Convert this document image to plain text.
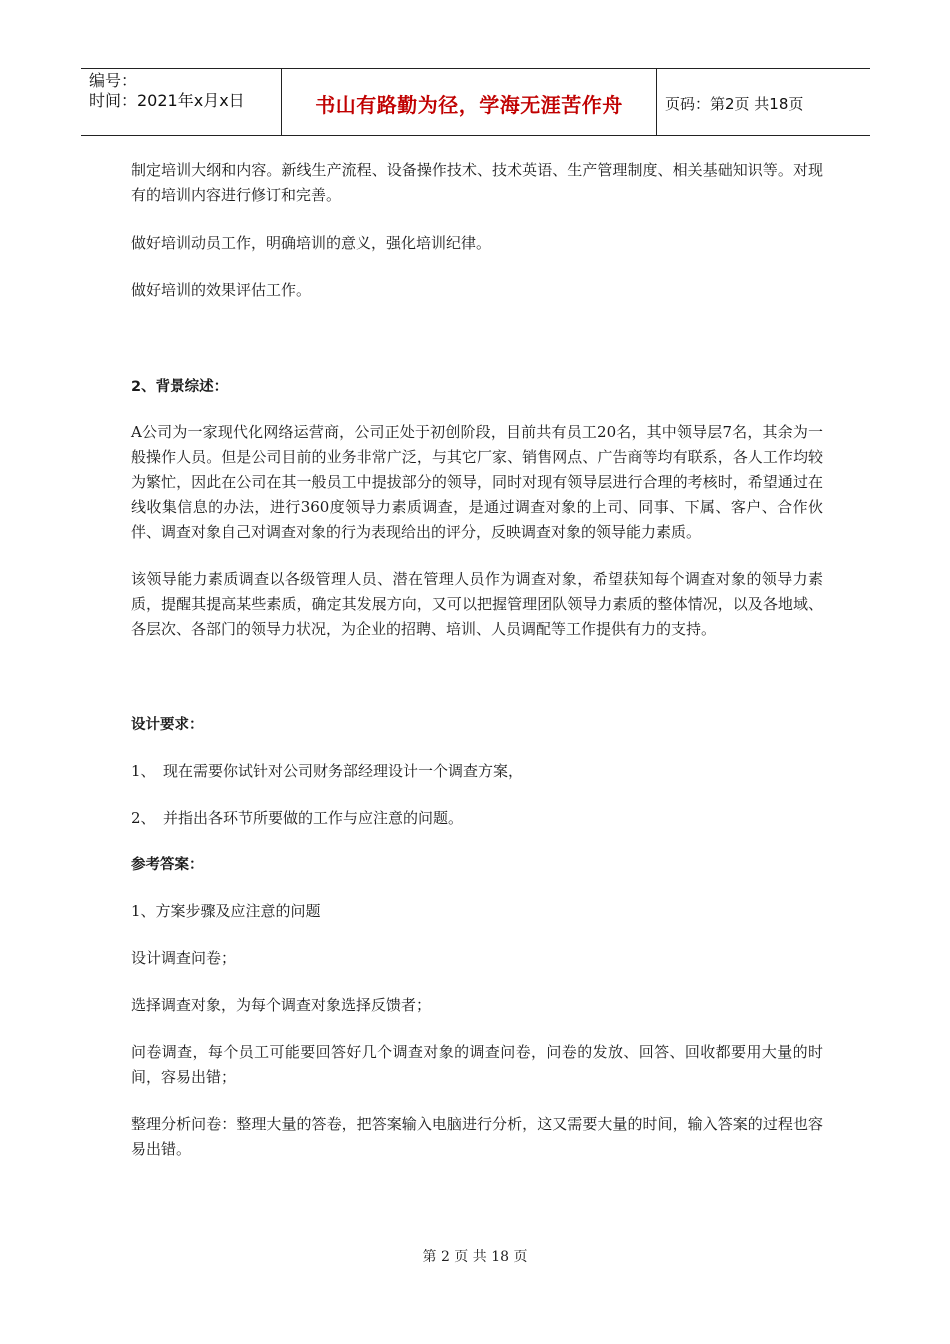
编号：
时间：2021年x月x日	书山有路勤为径，学海无涯苦作舟	页码：第2页 共18页

制定培训大纲和内容。新线生产流程、设备操作技术、技术英语、生产管理制度、相关基础知识等。对现有的培训内容进行修订和完善。

做好培训动员工作，明确培训的意义，强化培训纪律。

做好培训的效果评估工作。

2、背景综述：

A公司为一家现代化网络运营商，公司正处于初创阶段，目前共有员工20名，其中领导层7名，其余为一般操作人员。但是公司目前的业务非常广泛，与其它厂家、销售网点、广告商等均有联系，各人工作均较为繁忙，因此在公司在其一般员工中提拔部分的领导，同时对现有领导层进行合理的考核时，希望通过在线收集信息的办法，进行360度领导力素质调查，是通过调查对象的上司、同事、下属、客户、合作伙伴、调查对象自己对调查对象的行为表现给出的评分，反映调查对象的领导能力素质。

该领导能力素质调查以各级管理人员、潜在管理人员作为调查对象，希望获知每个调查对象的领导力素质，提醒其提高某些素质，确定其发展方向，又可以把握管理团队领导力素质的整体情况，以及各地域、各层次、各部门的领导力状况，为企业的招聘、培训、人员调配等工作提供有力的支持。

设计要求：

1、 现在需要你试针对公司财务部经理设计一个调查方案，

2、 并指出各环节所要做的工作与应注意的问题。

参考答案：

1、方案步骤及应注意的问题

设计调查问卷；

选择调查对象，为每个调查对象选择反馈者；

问卷调查，每个员工可能要回答好几个调查对象的调查问卷，问卷的发放、回答、回收都要用大量的时间，容易出错；

整理分析问卷：整理大量的答卷，把答案输入电脑进行分析，这又需要大量的时间，输入答案的过程也容易出错。

第 2 页 共 18 页
